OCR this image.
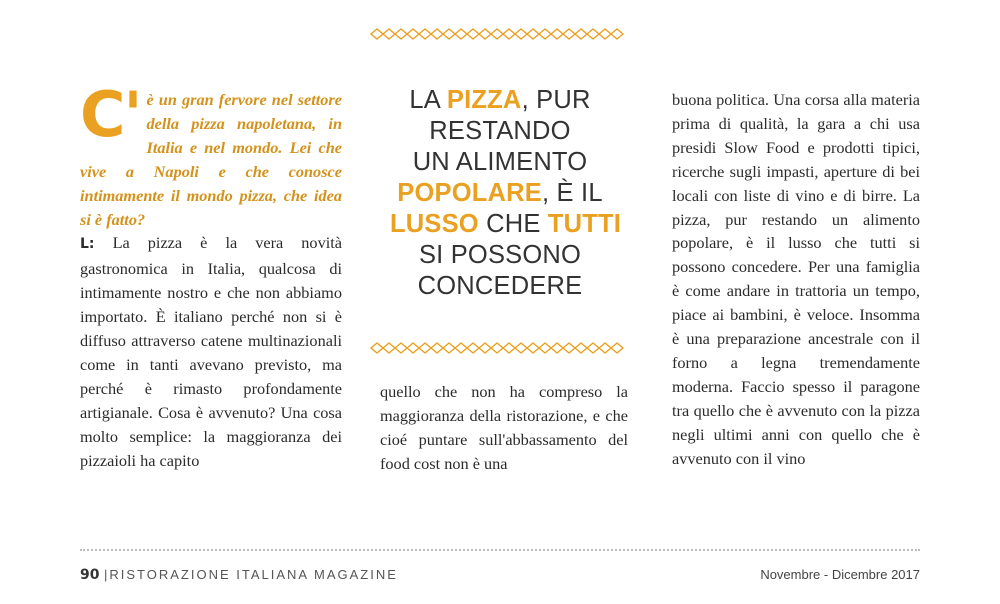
C' è un gran fervore nel settore della pizza napoletana, in Italia e nel mondo. Lei che vive a Napoli e che conosce intimamente il mondo pizza, che idea si è fatto?

L: La pizza è la vera novità gastronomica in Italia, qualcosa di intimamente nostro e che non abbiamo importato. È italiano perché non si è diffuso attraverso catene multinazionali come in tanti avevano previsto, ma perché è rimasto profondamente artigianale. Cosa è avvenuto? Una cosa molto semplice: la maggioranza dei pizzaioli ha capito

LA PIZZA, PUR
RESTANDO
UN ALIMENTO
POPOLARE, È IL
LUSSO CHE TUTTI
SI POSSONO
CONCEDERE

quello che non ha compreso la maggioranza della ristorazione, e che cioé puntare sull'abbassamento del food cost non è una

buona politica. Una corsa alla materia prima di qualità, la gara a chi usa presidi Slow Food e prodotti tipici, ricerche sugli impasti, aperture di bei locali con liste di vino e di birre. La pizza, pur restando un alimento popolare, è il lusso che tutti si possono concedere. Per una famiglia è come andare in trattoria un tempo, piace ai bambini, è veloce. Insomma è una preparazione ancestrale con il forno a legna tremendamente moderna. Faccio spesso il paragone tra quello che è avvenuto con la pizza negli ultimi anni con quello che è avvenuto con il vino

90 |RISTORAZIONE ITALIANA MAGAZINE	Novembre - Dicembre 2017
